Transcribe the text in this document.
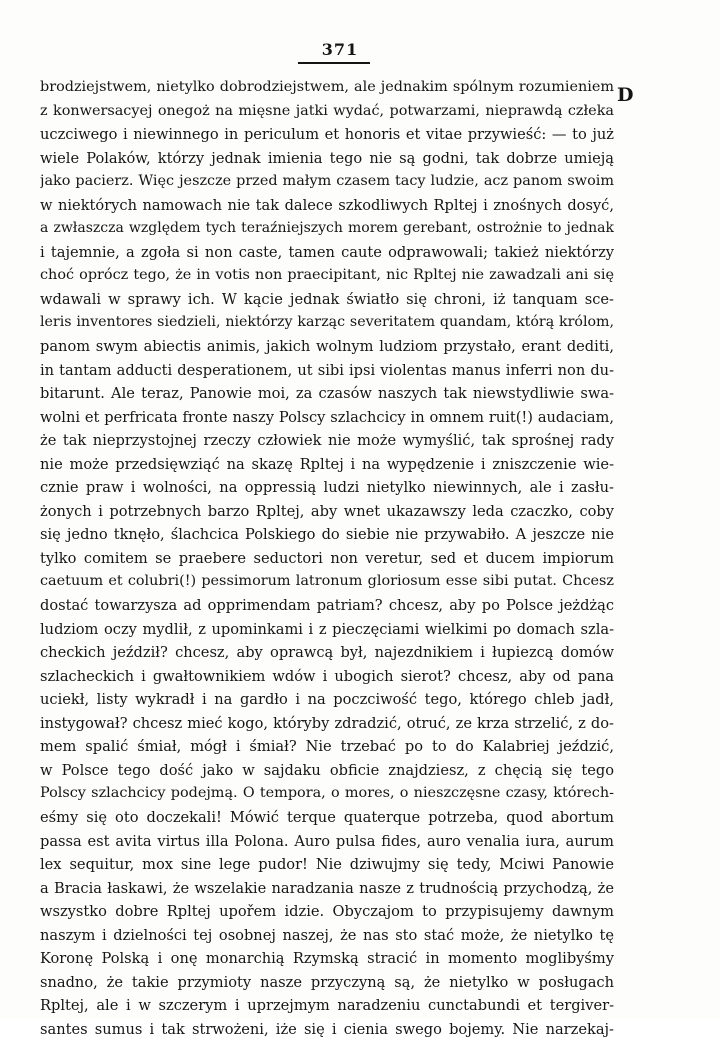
371
D
brodziejstwem, nietylko dobrodziejstwem, ale jednakim spólnym rozumieniem
z konwersacyej onegoż na mięsne jatki wydać, potwarzami, nieprawdą człeka
uczciwego i niewinnego in periculum et honoris et vitae przywieść: — to już
wiele Polaków, którzy jednak imienia tego nie są godni, tak dobrze umieją
jako pacierz. Więc jeszcze przed małym czasem tacy ludzie, acz panom swoim
w niektórych namowach nie tak dalece szkodliwych Rpltej i znośnych dosyć,
a zwłaszcza względem tych teraźniejszych morem gerebant, ostrożnie to jednak
i tajemnie, a zgoła si non caste, tamen caute odprawowali; takież niektórzy
choć oprócz tego, że in votis non praecipitant, nic Rpltej nie zawadzali ani się
wdawali w sprawy ich. W kącie jednak światło się chroni, iż tanquam sce-
leris inventores siedzieli, niektórzy karząc severitatem quandam, którą królom,
panom swym abiectis animis, jakich wolnym ludziom przystało, erant dediti,
in tantam adducti desperationem, ut sibi ipsi violentas manus inferri non du-
bitarunt. Ale teraz, Panowie moi, za czasów naszych tak niewstydliwie swa-
wolni et perfricata fronte naszy Polscy szlachcicy in omnem ruit(!) audaciam,
że tak nieprzystojnej rzeczy człowiek nie może wymyślić, tak sprośnej rady
nie może przedsięwziąć na skazę Rpltej i na wypędzenie i zniszczenie wie-
cznie praw i wolności, na oppressią ludzi nietylko niewinnych, ale i zasłu-
żonych i potrzebnych barzo Rpltej, aby wnet ukazawszy leda czaczko, coby
się jedno tknęło, ślachcica Polskiego do siebie nie przywabiło. A jeszcze nie
tylko comitem se praebere seductori non veretur, sed et ducem impiorum
caetuum et colubri(!) pessimorum latronum gloriosum esse sibi putat. Chcesz
dostać towarzysza ad opprimendam patriam? chcesz, aby po Polsce jeżdżąc
ludziom oczy mydlił, z upominkami i z pieczęciami wielkimi po domach szla-
checkich jeździł? chcesz, aby oprawcą był, najezdnikiem i łupiezcą domów
szlacheckich i gwałtownikiem wdów i ubogich sierot? chcesz, aby od pana
uciekł, listy wykradł i na gardło i na poczciwość tego, którego chleb jadł,
instygował? chcesz mieć kogo, któryby zdradzić, otruć, ze krza strzelić, z do-
mem spalić śmiał, mógł i śmiał? Nie trzebać po to do Kalabriej jeździć,
w Polsce tego dość jako w sajdaku obficie znajdziesz, z chęcią się tego
Polscy szlachcicy podejmą. O tempora, o mores, o nieszczęsne czasy, którech-
eśmy się oto doczekali! Mówić terque quaterque potrzeba, quod abortum
passa est avita virtus illa Polona. Auro pulsa fides, auro venalia iura, aurum
lex sequitur, mox sine lege pudor! Nie dziwujmy się tedy, Mciwi Panowie
a Bracia łaskawi, że wszelakie naradzania nasze z trudnością przychodzą, że
wszystko dobre Rpltej upořem idzie. Obyczajom to przypisujemy dawnym
naszym i dzielności tej osobnej naszej, że nas sto stać może, że nietylko tę
Koronę Polską i onę monarchią Rzymską stracić in momento moglibyśmy
snadno, że takie przymioty nasze przyczyną są, że nietylko w posługach
Rpltej, ale i w szczerym i uprzejmym naradzeniu cunctabundi et tergiver-
santes sumus i tak strwożeni, iże się i cienia swego bojemy. Nie narzekaj-
